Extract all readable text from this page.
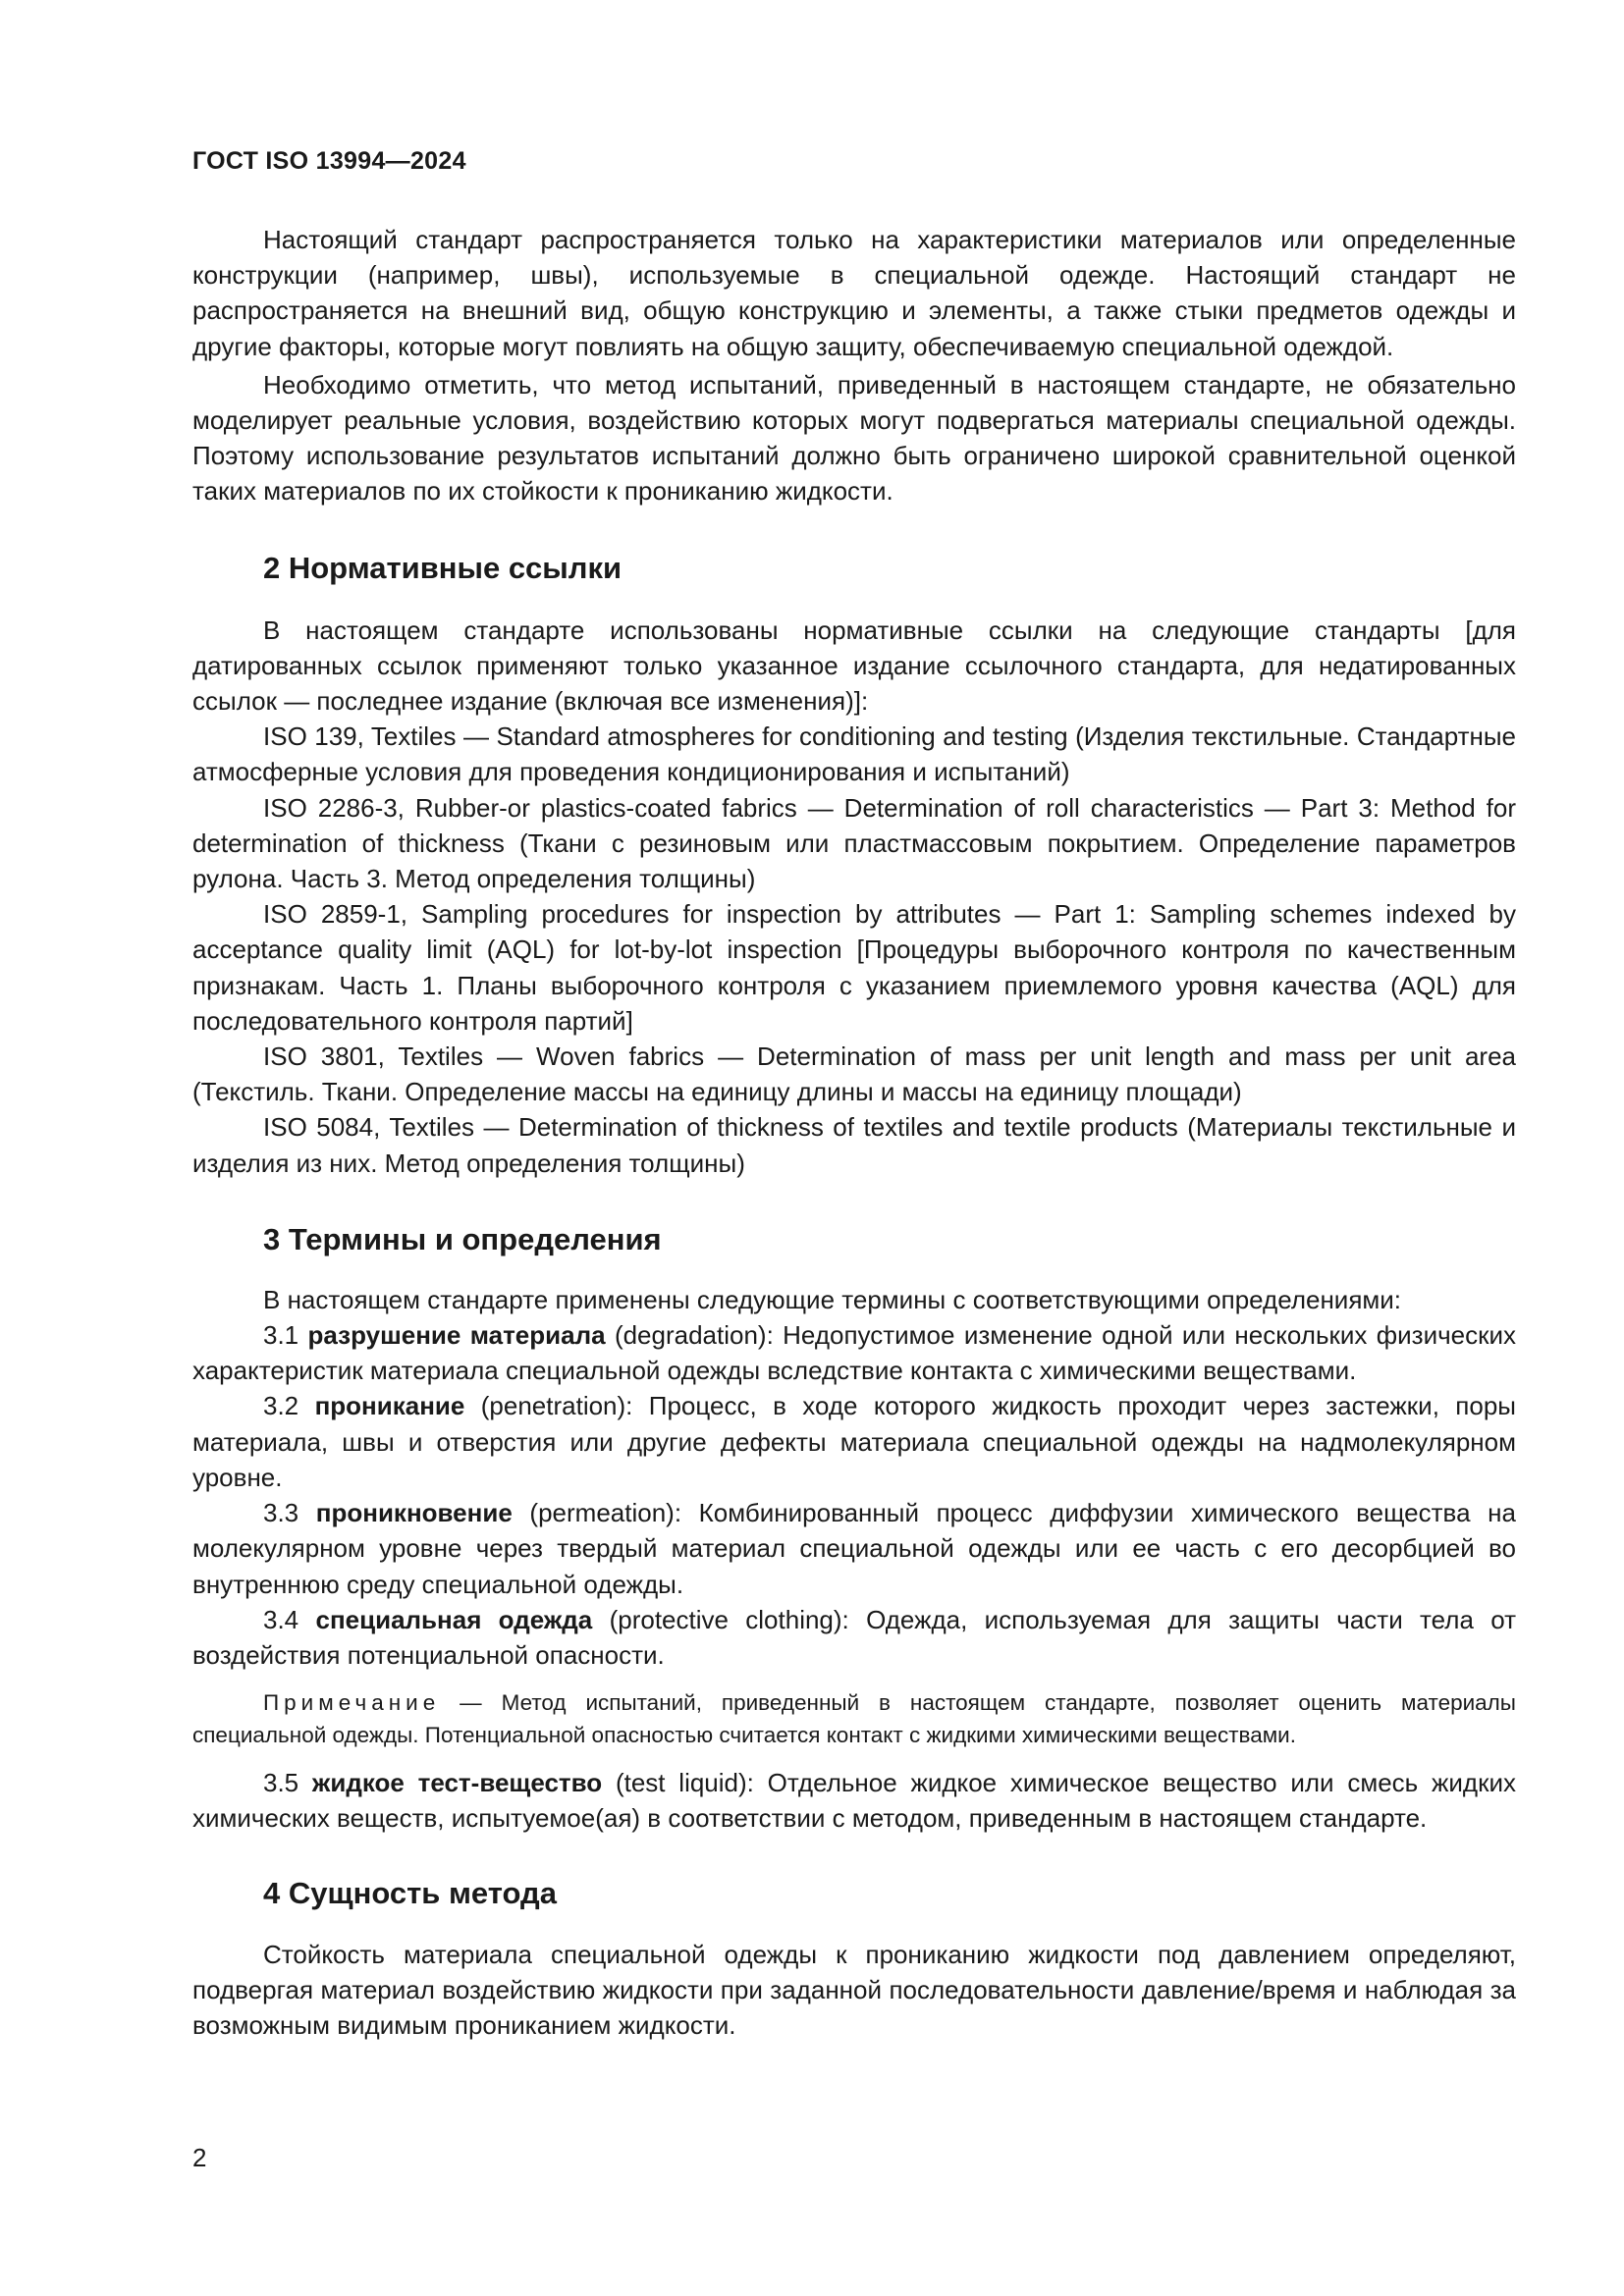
ГОСТ ISO 13994—2024

Настоящий стандарт распространяется только на характеристики материалов или определенные конструкции (например, швы), используемые в специальной одежде. Настоящий стандарт не распространяется на внешний вид, общую конструкцию и элементы, а также стыки предметов одежды и другие факторы, которые могут повлиять на общую защиту, обеспечиваемую специальной одеждой.

Необходимо отметить, что метод испытаний, приведенный в настоящем стандарте, не обязательно моделирует реальные условия, воздействию которых могут подвергаться материалы специальной одежды. Поэтому использование результатов испытаний должно быть ограничено широкой сравнительной оценкой таких материалов по их стойкости к прониканию жидкости.

2 Нормативные ссылки

В настоящем стандарте использованы нормативные ссылки на следующие стандарты [для датированных ссылок применяют только указанное издание ссылочного стандарта, для недатированных ссылок — последнее издание (включая все изменения)]:

ISO 139, Textiles — Standard atmospheres for conditioning and testing (Изделия текстильные. Стандартные атмосферные условия для проведения кондиционирования и испытаний)

ISO 2286-3, Rubber-or plastics-coated fabrics — Determination of roll characteristics — Part 3: Method for determination of thickness (Ткани с резиновым или пластмассовым покрытием. Определение параметров рулона. Часть 3. Метод определения толщины)

ISO 2859-1, Sampling procedures for inspection by attributes — Part 1: Sampling schemes indexed by acceptance quality limit (AQL) for lot-by-lot inspection [Процедуры выборочного контроля по качественным признакам. Часть 1. Планы выборочного контроля с указанием приемлемого уровня качества (AQL) для последовательного контроля партий]

ISO 3801, Textiles — Woven fabrics — Determination of mass per unit length and mass per unit area (Текстиль. Ткани. Определение массы на единицу длины и массы на единицу площади)

ISO 5084, Textiles — Determination of thickness of textiles and textile products (Материалы текстильные и изделия из них. Метод определения толщины)

3 Термины и определения

В настоящем стандарте применены следующие термины с соответствующими определениями:

3.1 разрушение материала (degradation): Недопустимое изменение одной или нескольких физических характеристик материала специальной одежды вследствие контакта с химическими веществами.

3.2 проникание (penetration): Процесс, в ходе которого жидкость проходит через застежки, поры материала, швы и отверстия или другие дефекты материала специальной одежды на надмолекулярном уровне.

3.3 проникновение (permeation): Комбинированный процесс диффузии химического вещества на молекулярном уровне через твердый материал специальной одежды или ее часть с его десорбцией во внутреннюю среду специальной одежды.

3.4 специальная одежда (protective clothing): Одежда, используемая для защиты части тела от воздействия потенциальной опасности.

Примечание — Метод испытаний, приведенный в настоящем стандарте, позволяет оценить материалы специальной одежды. Потенциальной опасностью считается контакт с жидкими химическими веществами.

3.5 жидкое тест-вещество (test liquid): Отдельное жидкое химическое вещество или смесь жидких химических веществ, испытуемое(ая) в соответствии с методом, приведенным в настоящем стандарте.

4 Сущность метода

Стойкость материала специальной одежды к прониканию жидкости под давлением определяют, подвергая материал воздействию жидкости при заданной последовательности давление/время и наблюдая за возможным видимым прониканием жидкости.

2
